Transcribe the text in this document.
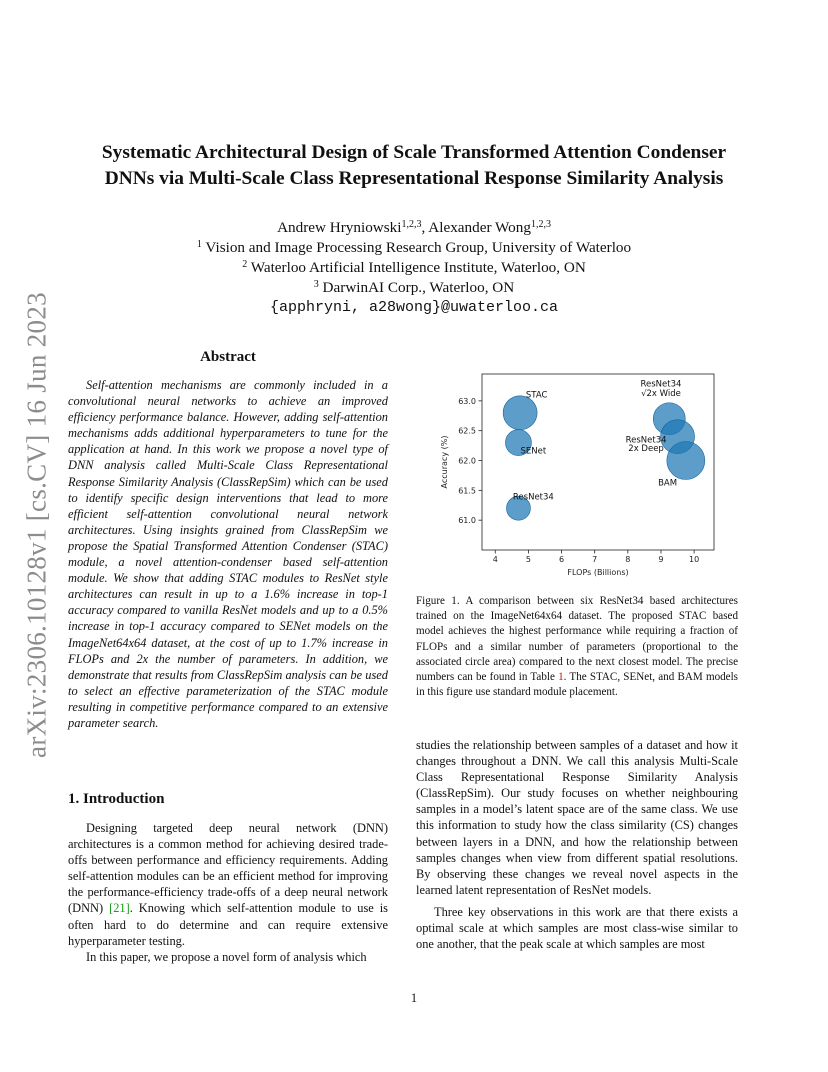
arXiv:2306.10128v1 [cs.CV] 16 Jun 2023
Systematic Architectural Design of Scale Transformed Attention Condenser
DNNs via Multi-Scale Class Representational Response Similarity Analysis
Andrew Hryniowski$^{1,2,3}$, Alexander Wong$^{1,2,3}$
$^1$ Vision and Image Processing Research Group, University of Waterloo
$^2$ Waterloo Artificial Intelligence Institute, Waterloo, ON
$^3$ DarwinAI Corp., Waterloo, ON
{apphryni, a28wong}@uwaterloo.ca
Abstract
Self-attention mechanisms are commonly included in a convolutional neural networks to achieve an improved efficiency performance balance. However, adding self-attention mechanisms adds additional hyperparameters to tune for the application at hand. In this work we propose a novel type of DNN analysis called Multi-Scale Class Representational Response Similarity Analysis (ClassRepSim) which can be used to identify specific design interventions that lead to more efficient self-attention convolutional neural network architectures. Using insights grained from ClassRepSim we propose the Spatial Transformed Attention Condenser (STAC) module, a novel attention-condenser based self-attention module. We show that adding STAC modules to ResNet style architectures can result in up to a 1.6% increase in top-1 accuracy compared to vanilla ResNet models and up to a 0.5% increase in top-1 accuracy compared to SENet models on the ImageNet64x64 dataset, at the cost of up to 1.7% increase in FLOPs and 2x the number of parameters. In addition, we demonstrate that results from ClassRepSim analysis can be used to select an effective parameterization of the STAC module resulting in competitive performance compared to an extensive parameter search.
1. Introduction

Designing targeted deep neural network (DNN) architectures is a common method for achieving desired trade-offs between performance and efficiency requirements. Adding self-attention modules can be an efficient method for improving the performance-efficiency trade-offs of a deep neural network (DNN) [21]. Knowing which self-attention module to use is often hard to do determine and can require extensive hyperparameter testing.

In this paper, we propose a novel form of analysis which

4	5	6	7	8	9	10
61.0
61.5
62.0
62.5
63.0
FLOPs (Billions)
Accuracy (%)
STAC
SENet
ResNet34
ResNet34
√2x Wide
ResNet34
2x Deep
BAM
Figure 1. A comparison between six ResNet34 based architectures trained on the ImageNet64x64 dataset. The proposed STAC based model achieves the highest performance while requiring a fraction of FLOPs and a similar number of parameters (proportional to the associated circle area) compared to the next closest model. The precise numbers can be found in Table 1. The STAC, SENet, and BAM models in this figure use standard module placement.

studies the relationship between samples of a dataset and how it changes throughout a DNN. We call this analysis Multi-Scale Class Representational Response Similarity Analysis (ClassRepSim). Our study focuses on whether neighbouring samples in a model’s latent space are of the same class. We use this information to study how the class similarity (CS) changes between layers in a DNN, and how the relationship between samples changes when view from different spatial resolutions. By observing these changes we reveal novel aspects in the learned latent representation of ResNet models.

Three key observations in this work are that there exists a optimal scale at which samples are most class-wise similar to one another, that the peak scale at which samples are most

1
